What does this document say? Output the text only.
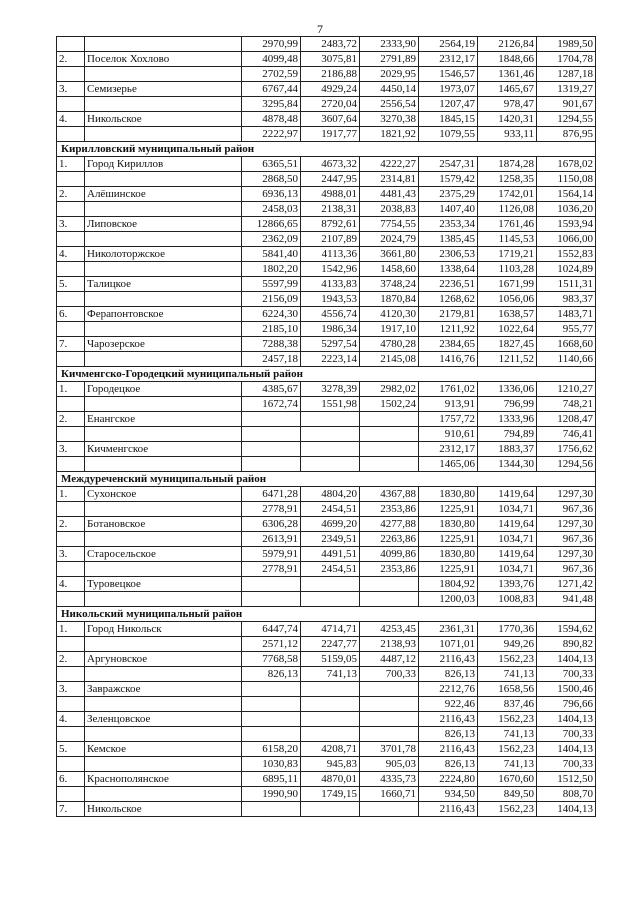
7
		2970,99	2483,72	2333,90	2564,19	2126,84	1989,50
2.	Поселок Хохлово	4099,48	3075,81	2791,89	2312,17	1848,66	1704,78
		2702,59	2186,88	2029,95	1546,57	1361,46	1287,18
3.	Семизерье	6767,44	4929,24	4450,14	1973,07	1465,67	1319,27
		3295,84	2720,04	2556,54	1207,47	978,47	901,67
4.	Никольское	4878,48	3607,64	3270,38	1845,15	1420,31	1294,55
		2222,97	1917,77	1821,92	1079,55	933,11	876,95
Кирилловский муниципальный район							
1.	Город Кириллов	6365,51	4673,32	4222,27	2547,31	1874,28	1678,02
		2868,50	2447,95	2314,81	1579,42	1258,35	1150,08
2.	Алёшинское	6936,13	4988,01	4481,43	2375,29	1742,01	1564,14
		2458,03	2138,31	2038,83	1407,40	1126,08	1036,20
3.	Липовское	12866,65	8792,61	7754,55	2353,34	1761,46	1593,94
		2362,09	2107,89	2024,79	1385,45	1145,53	1066,00
4.	Николоторжское	5841,40	4113,36	3661,80	2306,53	1719,21	1552,83
		1802,20	1542,96	1458,60	1338,64	1103,28	1024,89
5.	Талицкое	5597,99	4133,83	3748,24	2236,51	1671,99	1511,31
		2156,09	1943,53	1870,84	1268,62	1056,06	983,37
6.	Ферапонтовское	6224,30	4556,74	4120,30	2179,81	1638,57	1483,71
		2185,10	1986,34	1917,10	1211,92	1022,64	955,77
7.	Чарозерское	7288,38	5297,54	4780,28	2384,65	1827,45	1668,60
		2457,18	2223,14	2145,08	1416,76	1211,52	1140,66
Кичменгско-Городецкий муниципальный район							
1.	Городецкое	4385,67	3278,39	2982,02	1761,02	1336,06	1210,27
		1672,74	1551,98	1502,24	913,91	796,99	748,21
2.	Енангское				1757,72	1333,96	1208,47
					910,61	794,89	746,41
3.	Кичменгское				2312,17	1883,37	1756,62
					1465,06	1344,30	1294,56
Междуреченский муниципальный район							
1.	Сухонское	6471,28	4804,20	4367,88	1830,80	1419,64	1297,30
		2778,91	2454,51	2353,86	1225,91	1034,71	967,36
2.	Ботановское	6306,28	4699,20	4277,88	1830,80	1419,64	1297,30
		2613,91	2349,51	2263,86	1225,91	1034,71	967,36
3.	Старосельское	5979,91	4491,51	4099,86	1830,80	1419,64	1297,30
		2778,91	2454,51	2353,86	1225,91	1034,71	967,36
4.	Туровецкое				1804,92	1393,76	1271,42
					1200,03	1008,83	941,48
Никольский муниципальный район							
1.	Город Никольск	6447,74	4714,71	4253,45	2361,31	1770,36	1594,62
		2571,12	2247,77	2138,93	1071,01	949,26	890,82
2.	Аргуновское	7768,58	5159,05	4487,12	2116,43	1562,23	1404,13
		826,13	741,13	700,33	826,13	741,13	700,33
3.	Завражское				2212,76	1658,56	1500,46
					922,46	837,46	796,66
4.	Зеленцовское				2116,43	1562,23	1404,13
					826,13	741,13	700,33
5.	Кемское	6158,20	4208,71	3701,78	2116,43	1562,23	1404,13
		1030,83	945,83	905,03	826,13	741,13	700,33
6.	Краснополянское	6895,11	4870,01	4335,73	2224,80	1670,60	1512,50
		1990,90	1749,15	1660,71	934,50	849,50	808,70
7.	Никольское				2116,43	1562,23	1404,13
